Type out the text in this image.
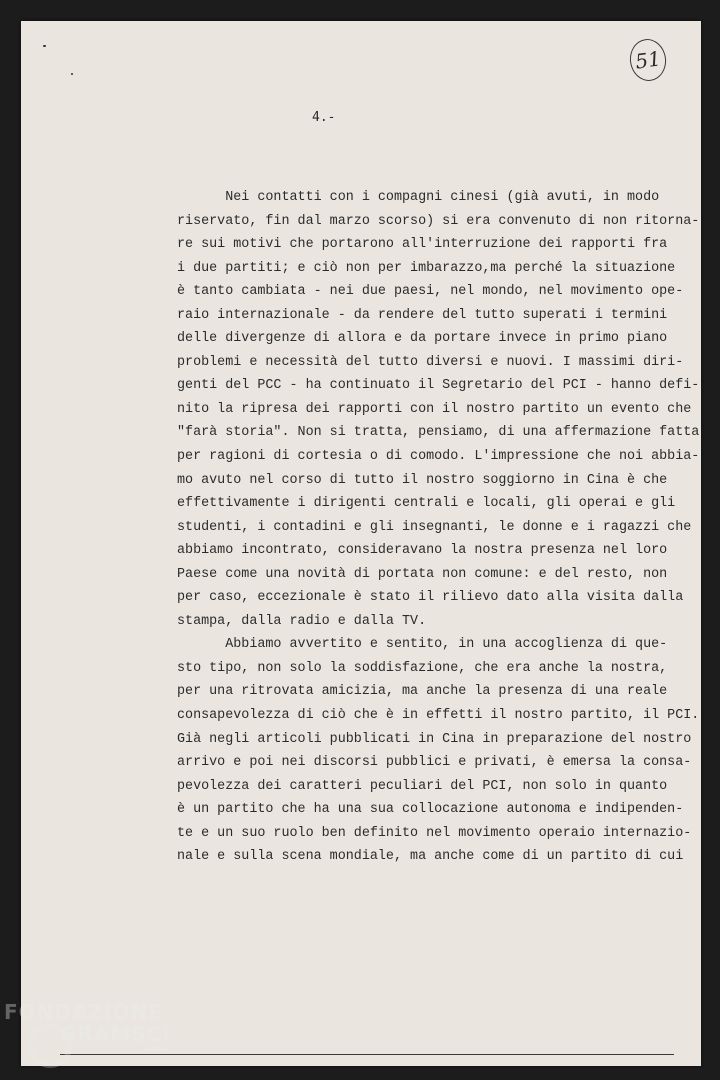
51
4.-
Nei contatti con i compagni cinesi (già avuti, in modo
riservato, fin dal marzo scorso) si era convenuto di non ritorna-
re sui motivi che portarono all'interruzione dei rapporti fra
i due partiti; e ciò non per imbarazzo,ma perché la situazione
è tanto cambiata - nei due paesi, nel mondo, nel movimento ope-
raio internazionale - da rendere del tutto superati i termini
delle divergenze di allora e da portare invece in primo piano
problemi e necessità del tutto diversi e nuovi. I massimi diri-
genti del PCC - ha continuato il Segretario del PCI - hanno defi-
nito la ripresa dei rapporti con il nostro partito un evento che
"farà storia". Non si tratta, pensiamo, di una affermazione fatta
per ragioni di cortesia o di comodo. L'impressione che noi abbia-
mo avuto nel corso di tutto il nostro soggiorno in Cina è che
effettivamente i dirigenti centrali e locali, gli operai e gli
studenti, i contadini e gli insegnanti, le donne e i ragazzi che
abbiamo incontrato, consideravano la nostra presenza nel loro
Paese come una novità di portata non comune: e del resto, non
per caso, eccezionale è stato il rilievo dato alla visita dalla
stampa, dalla radio e dalla TV.
Abbiamo avvertito e sentito, in una accoglienza di que-
sto tipo, non solo la soddisfazione, che era anche la nostra,
per una ritrovata amicizia, ma anche la presenza di una reale
consapevolezza di ciò che è in effetti il nostro partito, il PCI.
Già negli articoli pubblicati in Cina in preparazione del nostro
arrivo e poi nei discorsi pubblici e privati, è emersa la consa-
pevolezza dei caratteri peculiari del PCI, non solo in quanto
è un partito che ha una sua collocazione autonoma e indipenden-
te e un suo ruolo ben definito nel movimento operaio internazio-
nale e sulla scena mondiale, ma anche come di un partito di cui
FONDAZIONE
GRAMSCI
onlus
